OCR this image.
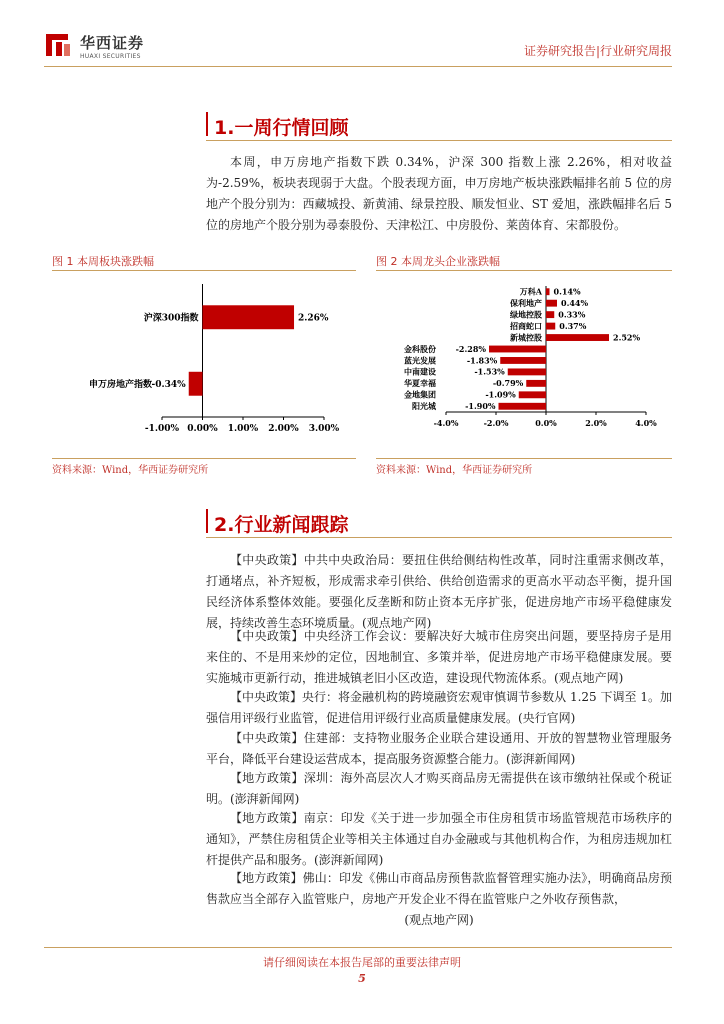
华西证券
HUAXI SECURITIES	证券研究报告|行业研究周报
1.一周行情回顾
本周，申万房地产指数下跌 0.34%，沪深 300 指数上涨 2.26%，相对收益为-2.59%，板块表现弱于大盘。个股表现方面，申万房地产板块涨跌幅排名前 5 位的房地产个股分别为：西藏城投、新黄浦、绿景控股、顺发恒业、ST 爱旭，涨跌幅排名后 5 位的房地产个股分别为尋泰股份、天津松江、中房股份、莱茵体育、宋都股份。
图 1 本周板块涨跌幅
-1.00% 0.00% 1.00% 2.00% 3.00%
沪深300指数	2.26%
申万房地产指数 -0.34%
资料来源：Wind，华西证券研究所
图 2 本周龙头企业涨跌幅
-4.0%	-2.0%	0.0%	2.0%	4.0%
万科A 0.14%
保利地产 0.44%
绿地控股 0.33%
招商蛇口 0.37%
新城控股	2.52%
金科股份 -2.28%
蓝光发展	-1.83%
中南建设	-1.53%
华夏幸福	-0.79%
金地集团	-1.09%
阳光城	-1.90%
资料来源：Wind，华西证券研究所
2.行业新闻跟踪
【中央政策】中共中央政治局：要扭住供给侧结构性改革，同时注重需求侧改革，打通堵点，补齐短板，形成需求牵引供给、供给创造需求的更高水平动态平衡，提升国民经济体系整体效能。要强化反垄断和防止资本无序扩张，促进房地产市场平稳健康发展，持续改善生态环境质量。(观点地产网)
【中央政策】中央经济工作会议：要解决好大城市住房突出问题，要坚持房子是用来住的、不是用来炒的定位，因地制宜、多策并举，促进房地产市场平稳健康发展。要实施城市更新行动，推进城镇老旧小区改造，建设现代物流体系。(观点地产网)
【中央政策】央行：将金融机构的跨境融资宏观审慎调节参数从 1.25 下调至 1。加强信用评级行业监管，促进信用评级行业高质量健康发展。(央行官网)
【中央政策】住建部：支持物业服务企业联合建设通用、开放的智慧物业管理服务平台，降低平台建设运营成本，提高服务资源整合能力。(澎湃新闻网)
【地方政策】深圳：海外高层次人才购买商品房无需提供在该市缴纳社保或个税证明。(澎湃新闻网)
【地方政策】南京：印发《关于进一步加强全市住房租赁市场监管规范市场秩序的通知》，严禁住房租赁企业等相关主体通过自办金融或与其他机构合作，为租房违规加杠杆提供产品和服务。(澎湃新闻网)
【地方政策】佛山：印发《佛山市商品房预售款监督管理实施办法》，明确商品房预售款应当全部存入监管账户，房地产开发企业不得在监管账户之外收存预售款，
(观点地产网)
请仔细阅读在本报告尾部的重要法律声明
5
